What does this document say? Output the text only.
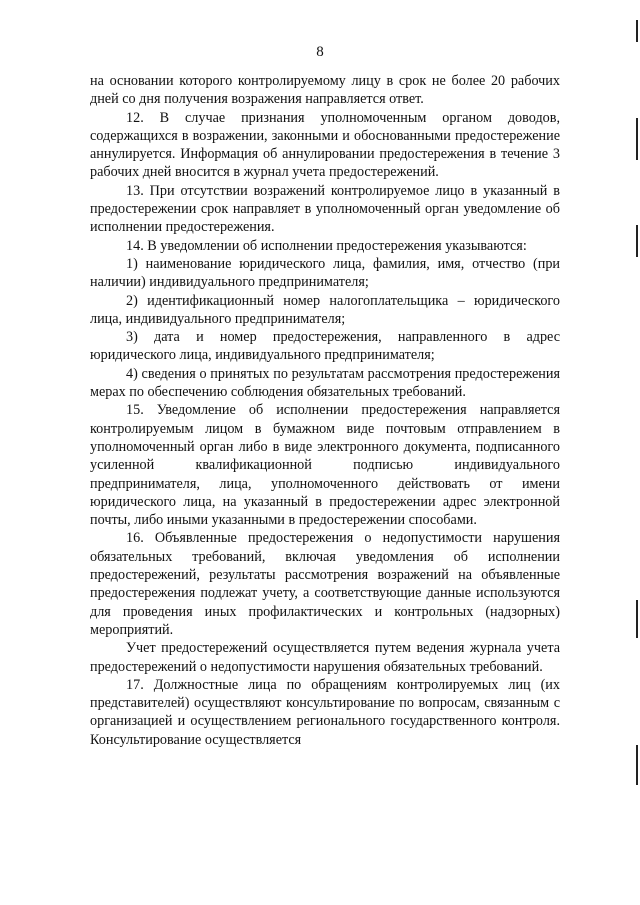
8

на основании которого контролируемому лицу в срок не более 20 рабочих дней со дня получения возражения направляется ответ.

12. В случае признания уполномоченным органом доводов, содержащихся в возражении, законными и обоснованными предостережение аннулируется. Информация об аннулировании предостережения в течение 3 рабочих дней вносится в журнал учета предостережений.

13. При отсутствии возражений контролируемое лицо в указанный в предостережении срок направляет в уполномоченный орган уведомление об исполнении предостережения.

14. В уведомлении об исполнении предостережения указываются:

1) наименование юридического лица, фамилия, имя, отчество (при наличии) индивидуального предпринимателя;

2) идентификационный номер налогоплательщика – юридического лица, индивидуального предпринимателя;

3) дата и номер предостережения, направленного в адрес юридического лица, индивидуального предпринимателя;

4) сведения о принятых по результатам рассмотрения предостережения мерах по обеспечению соблюдения обязательных требований.

15. Уведомление об исполнении предостережения направляется контролируемым лицом в бумажном виде почтовым отправлением в уполномоченный орган либо в виде электронного документа, подписанного усиленной квалификационной подписью индивидуального предпринимателя, лица, уполномоченного действовать от имени юридического лица, на указанный в предостережении адрес электронной почты, либо иными указанными в предостережении способами.

16. Объявленные предостережения о недопустимости нарушения обязательных требований, включая уведомления об исполнении предостережений, результаты рассмотрения возражений на объявленные предостережения подлежат учету, а соответствующие данные используются для проведения иных профилактических и контрольных (надзорных) мероприятий.

Учет предостережений осуществляется путем ведения журнала учета предостережений о недопустимости нарушения обязательных требований.

17. Должностные лица по обращениям контролируемых лиц (их представителей) осуществляют консультирование по вопросам, связанным с организацией и осуществлением регионального государственного контроля. Консультирование осуществляется
